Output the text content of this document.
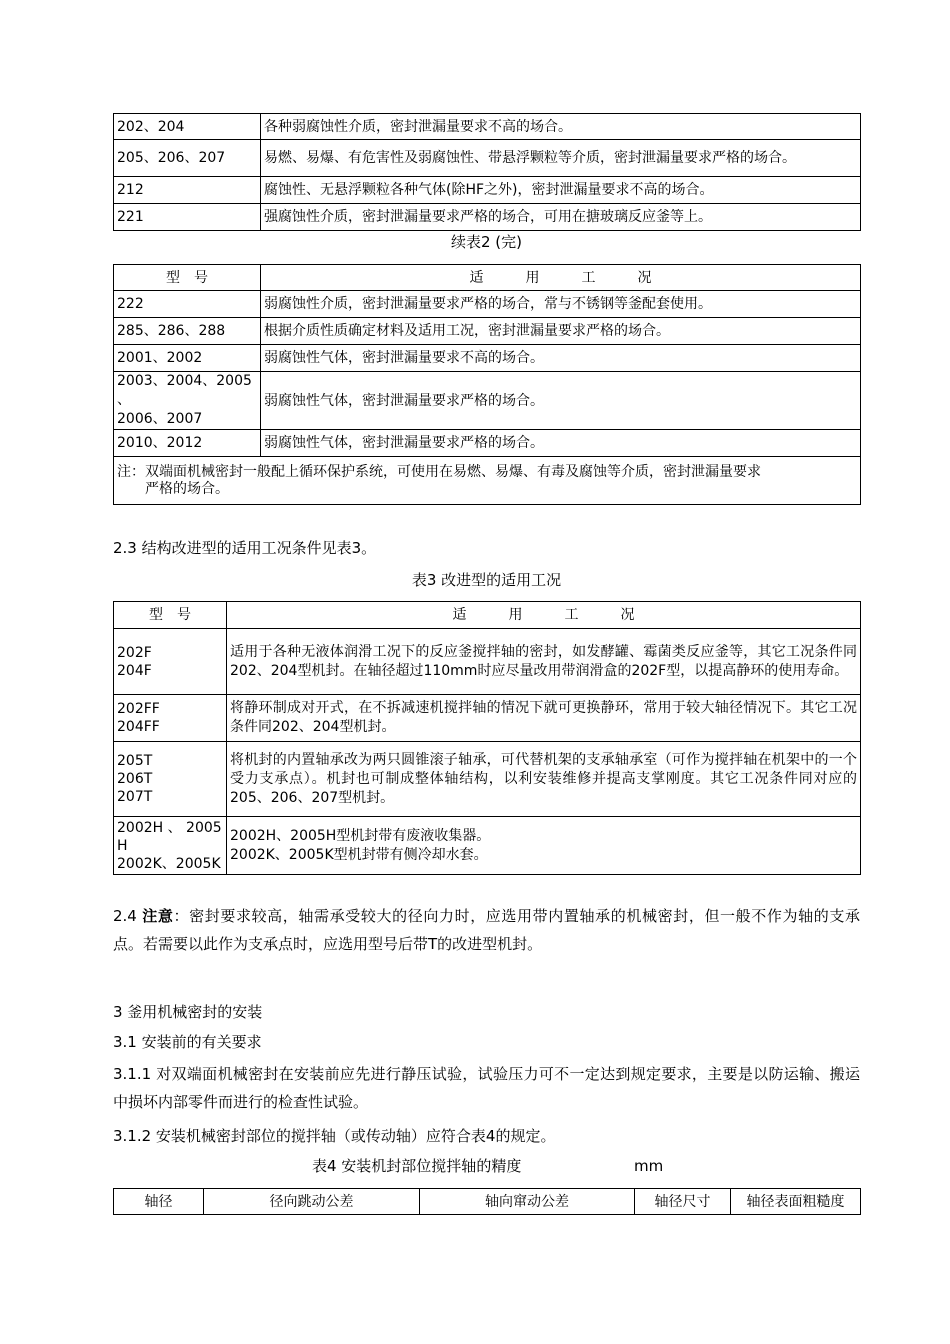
202、204	各种弱腐蚀性介质，密封泄漏量要求不高的场合。
205、206、207	易燃、易爆、有危害性及弱腐蚀性、带悬浮颗粒等介质，密封泄漏量要求严格的场合。
212	腐蚀性、无悬浮颗粒各种气体(除HF之外)，密封泄漏量要求不高的场合。
221	强腐蚀性介质，密封泄漏量要求严格的场合，可用在搪玻璃反应釜等上。
续表2 (完)
型　号	适　　　用　　　工　　　况
222	弱腐蚀性介质，密封泄漏量要求严格的场合，常与不锈钢等釜配套使用。
285、286、288	根据介质性质确定材料及适用工况，密封泄漏量要求严格的场合。
2001、2002	弱腐蚀性气体，密封泄漏量要求不高的场合。
2003、2004、2005
、
2006、2007	弱腐蚀性气体，密封泄漏量要求严格的场合。
2010、2012	弱腐蚀性气体，密封泄漏量要求严格的场合。
注：双端面机械密封一般配上循环保护系统，可使用在易燃、易爆、有毒及腐蚀等介质，密封泄漏量要求
　　严格的场合。	
2.3 结构改进型的适用工况条件见表3。
表3 改进型的适用工况
型　号	适　　　用　　　工　　　况
202F
204F	适用于各种无液体润滑工况下的反应釜搅拌轴的密封，如发酵罐、霉菌类反应釜等，其它工况条件同202、204型机封。在轴径超过110mm时应尽量改用带润滑盒的202F型，以提高静环的使用寿命。
202FF
204FF	将静环制成对开式，在不拆减速机搅拌轴的情况下就可更换静环，常用于较大轴径情况下。其它工况条件同202、204型机封。
205T
206T
207T	将机封的内置轴承改为两只圆锥滚子轴承，可代替机架的支承轴承室（可作为搅拌轴在机架中的一个受力支承点）。机封也可制成整体轴结构，以利安装维修并提高支掌刚度。其它工况条件同对应的205、206、207型机封。
2002H 、 2005
H
2002K、2005K	2002H、2005H型机封带有废液收集器。
2002K、2005K型机封带有侧冷却水套。
2.4 注意：密封要求较高，轴需承受较大的径向力时，应选用带内置轴承的机械密封，但一般不作为轴的支承点。若需要以此作为支承点时，应选用型号后带T的改进型机封。
3 釜用机械密封的安装
3.1 安装前的有关要求
3.1.1 对双端面机械密封在安装前应先进行静压试验，试验压力可不一定达到规定要求，主要是以防运输、搬运中损坏内部零件而进行的检查性试验。
3.1.2 安装机械密封部位的搅拌轴（或传动轴）应符合表4的规定。
表4 安装机封部位搅拌轴的精度	mm
轴径	径向跳动公差	轴向窜动公差	轴径尺寸	轴径表面粗糙度
